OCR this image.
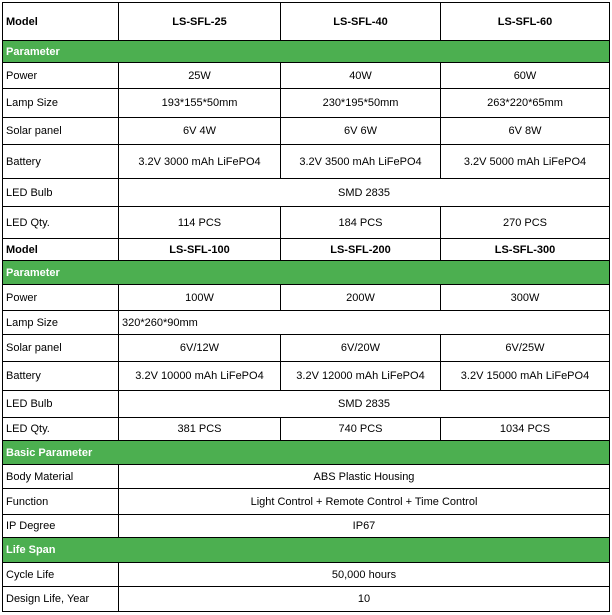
Model	LS-SFL-25	LS-SFL-40	LS-SFL-60
Parameter			
Power	25W	40W	60W
Lamp Size	193*155*50mm	230*195*50mm	263*220*65mm
Solar panel	6V 4W	6V 6W	6V 8W
Battery	3.2V 3000 mAh LiFePO4	3.2V 3500 mAh LiFePO4	3.2V 5000 mAh LiFePO4
LED Bulb	SMD 2835		
LED Qty.	114 PCS	184 PCS	270 PCS
Model	LS-SFL-100	LS-SFL-200	LS-SFL-300
Parameter			
Power	100W	200W	300W
Lamp Size	320*260*90mm		
Solar panel	6V/12W	6V/20W	6V/25W
Battery	3.2V 10000 mAh LiFePO4	3.2V 12000 mAh LiFePO4	3.2V 15000 mAh LiFePO4
LED Bulb	SMD 2835		
LED Qty.	381 PCS	740 PCS	1034 PCS
Basic Parameter			
Body Material	ABS Plastic Housing		
Function	Light Control + Remote Control + Time Control		
IP Degree	IP67		
Life Span			
Cycle Life	50,000 hours		
Design Life, Year	10		
